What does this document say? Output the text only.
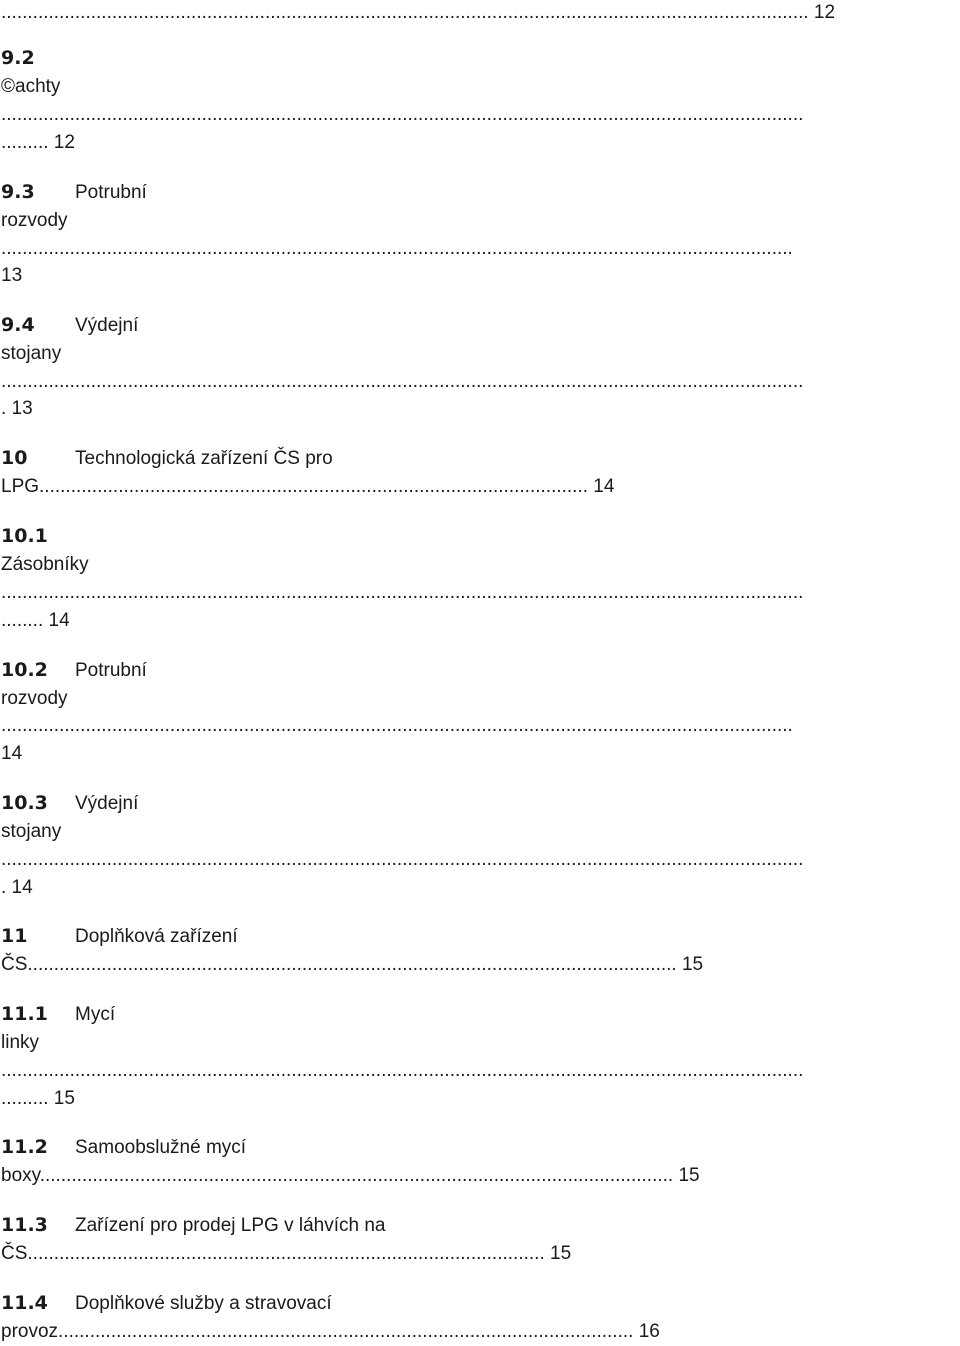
......................................................................................................................................................... 12
9.2
©achty
........................................................................................................................................................
......... 12
9.3 Potrubní
rozvody
......................................................................................................................................................
13
9.4 Výdejní
stojany
........................................................................................................................................................
. 13
10	Technologická zařízení ČS pro
LPG........................................................................................................ 14
10.1
Zásobníky
........................................................................................................................................................
........ 14
10.2 Potrubní
rozvody
......................................................................................................................................................
14
10.3 Výdejní
stojany
........................................................................................................................................................
. 14
11	Doplňková zařízení
ČS........................................................................................................................... 15
11.1 Mycí
linky
........................................................................................................................................................
......... 15
11.2 Samoobslužné mycí
boxy........................................................................................................................ 15
11.3 Zařízení pro prodej LPG v láhvích na
ČS.................................................................................................. 15
11.4 Doplňkové služby a stravovací
provoz............................................................................................................. 16
